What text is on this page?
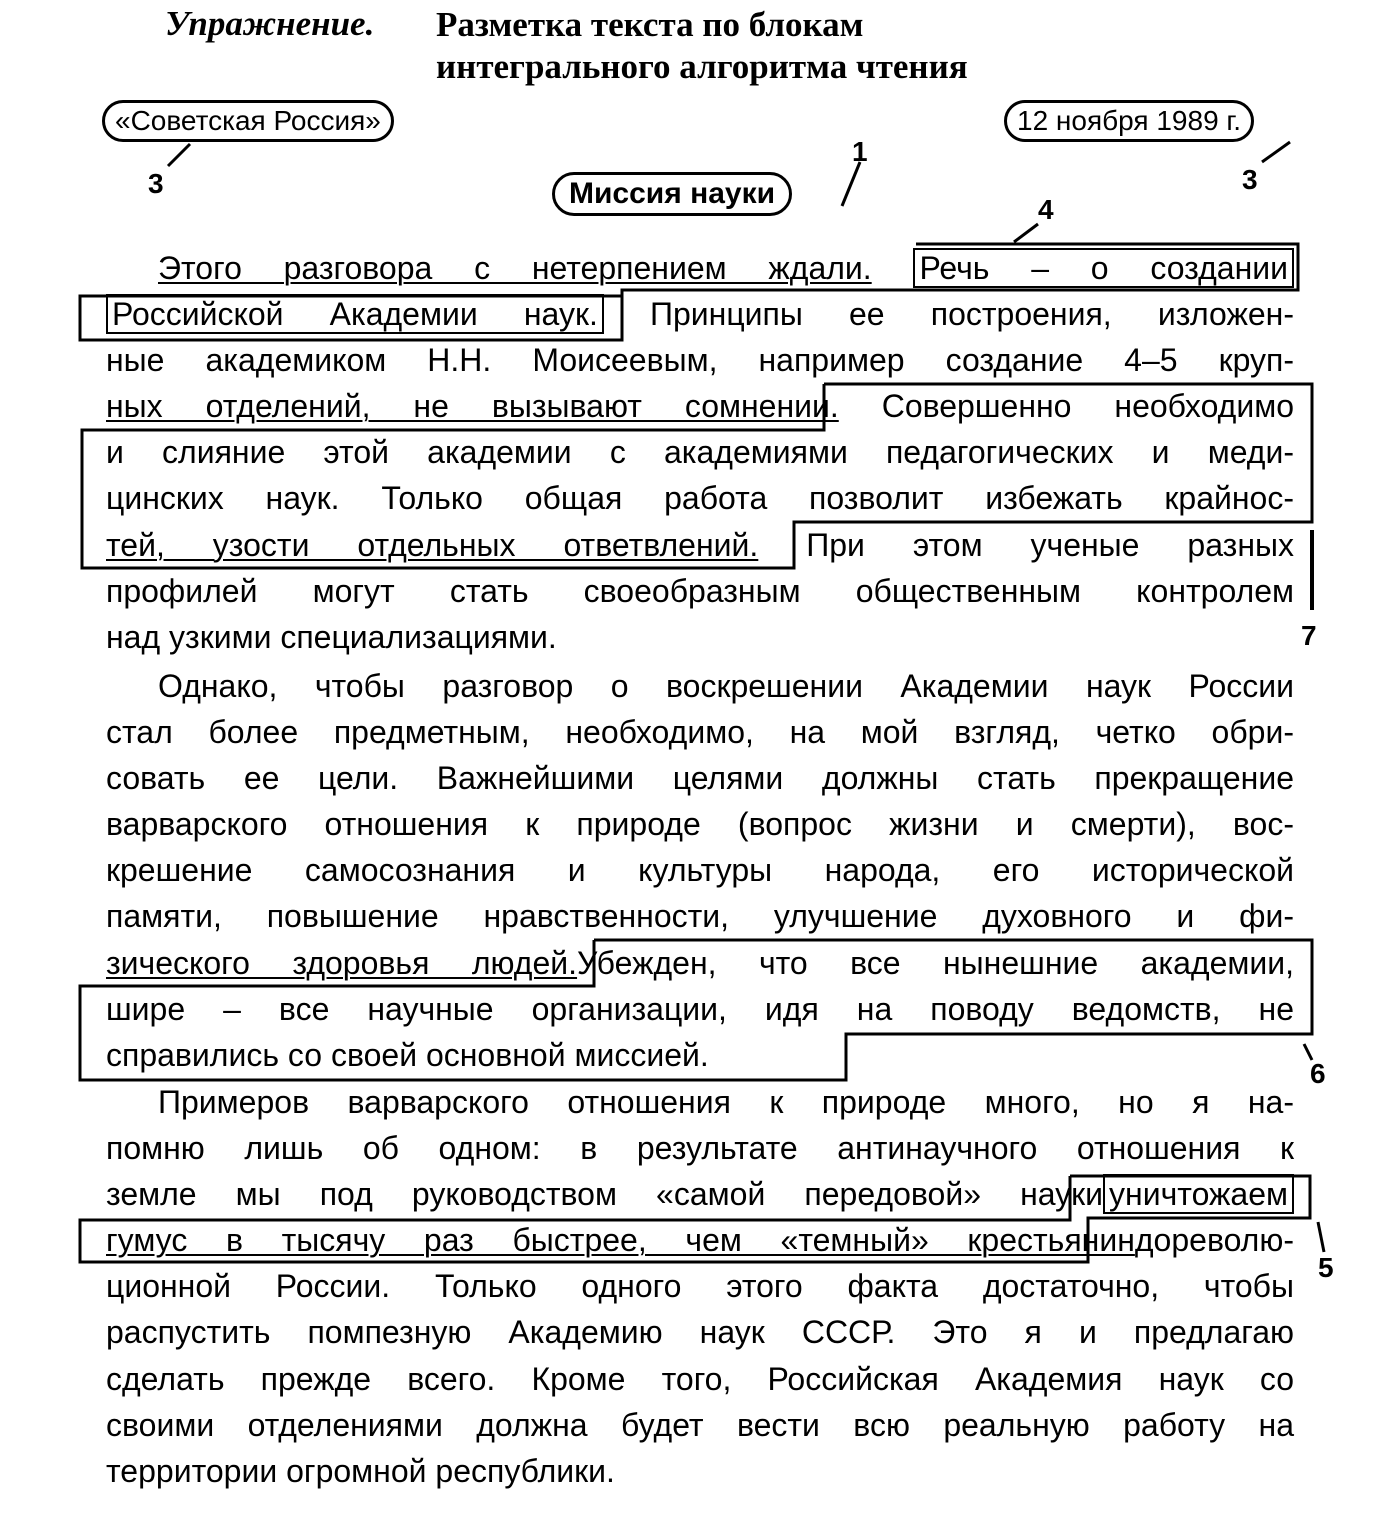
Упражнение. Разметка текста по блокам
интегрального алгоритма чтения
«Советская Россия»	12 ноября 1989 г.
Миссия науки
3	3
1
4
7
6
5
Этого разговора с нетерпением ждали. Речь – о создании
Российской Академии наук. Принципы ее построения, изложен-
ные академиком Н.Н. Моисеевым, например создание 4–5 круп-
ных отделений, не вызывают сомнении. Совершенно необходимо
и слияние этой академии с академиями педагогических и меди-
цинских наук. Только общая работа позволит избежать крайнос-
тей, узости отдельных ответвлений. При этом ученые разных
профилей могут стать своеобразным общественным контролем
над узкими специализациями.
Однако, чтобы разговор о воскрешении Академии наук России
стал более предметным, необходимо, на мой взгляд, четко обри-
совать ее цели. Важнейшими целями должны стать прекращение
варварского отношения к природе (вопрос жизни и смерти), вос-
крешение самосознания и культуры народа, его исторической
памяти, повышение нравственности, улучшение духовного и фи-
зического здоровья людей.Убежден, что все нынешние академии,
шире – все научные организации, идя на поводу ведомств, не
справились со своей основной миссией.
Примеров варварского отношения к природе много, но я на-
помню лишь об одном: в результате антинаучного отношения к
земле мы под руководством «самой передовой» науки уничтожаем
гумус в тысячу раз быстрее, чем «темный» крестьяниндореволю-
ционной России. Только одного этого факта достаточно, чтобы
распустить помпезную Академию наук СССР. Это я и предлагаю
сделать прежде всего. Кроме того, Российская Академия наук со
своими отделениями должна будет вести всю реальную работу на
территории огромной республики.
